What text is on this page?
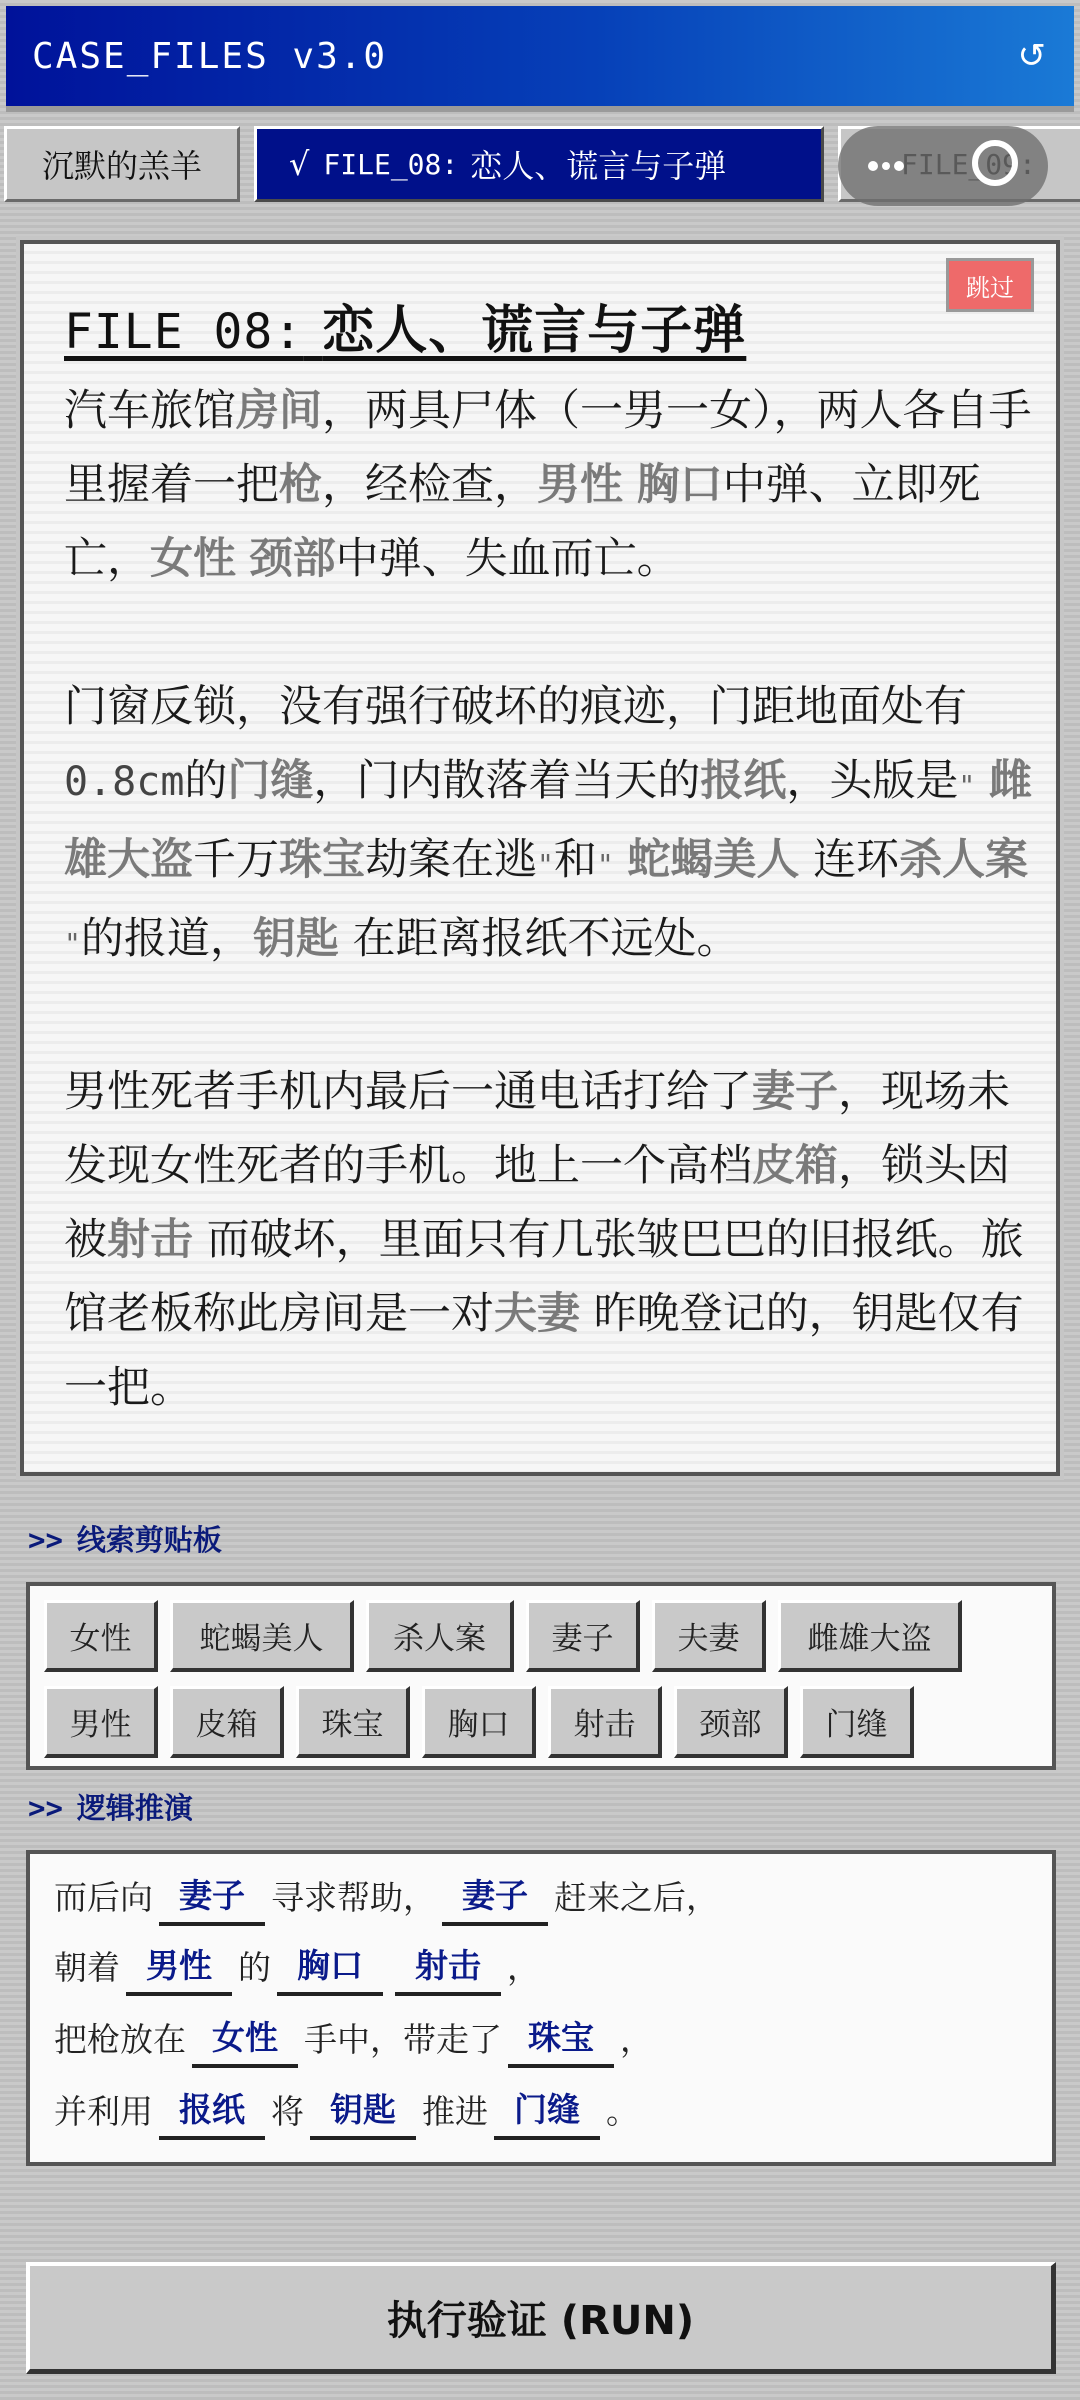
CASE_FILES v3.0	↺
沉默的羔羊	√ FILE_08: 恋人、谎言与子弹
跳过
FILE_08: 恋人、谎言与子弹

汽车旅馆房间，两具尸体（一男一女），两人各自手里握着一把枪，经检查，男性 胸口中弹、立即死亡，女性 颈部中弹、失血而亡。

门窗反锁，没有强行破坏的痕迹，门距地面处有0.8cm的门缝，门内散落着当天的报纸，头版是" 雌雄大盗千万珠宝劫案在逃"和" 蛇蝎美人 连环杀人案 "的报道，钥匙 在距离报纸不远处。

男性死者手机内最后一通电话打给了妻子，现场未发现女性死者的手机。地上一个高档皮箱，锁头因被射击 而破坏，里面只有几张皱巴巴的旧报纸。旅馆老板称此房间是一对夫妻 昨晚登记的，钥匙仅有一把。

>> 线索剪贴板
女性	蛇蝎美人	杀人案	妻子	夫妻	雌雄大盗
男性	皮箱	珠宝	胸口	射击	颈部	门缝
>> 逻辑推演
而后向 妻子 寻求帮助， 妻子 赶来之后，
朝着 男性 的 胸口	射击 ，
把枪放在 女性 手中，带走了 珠宝 ，
并利用 报纸 将 钥匙 推进 门缝 。
执行验证 (RUN)
